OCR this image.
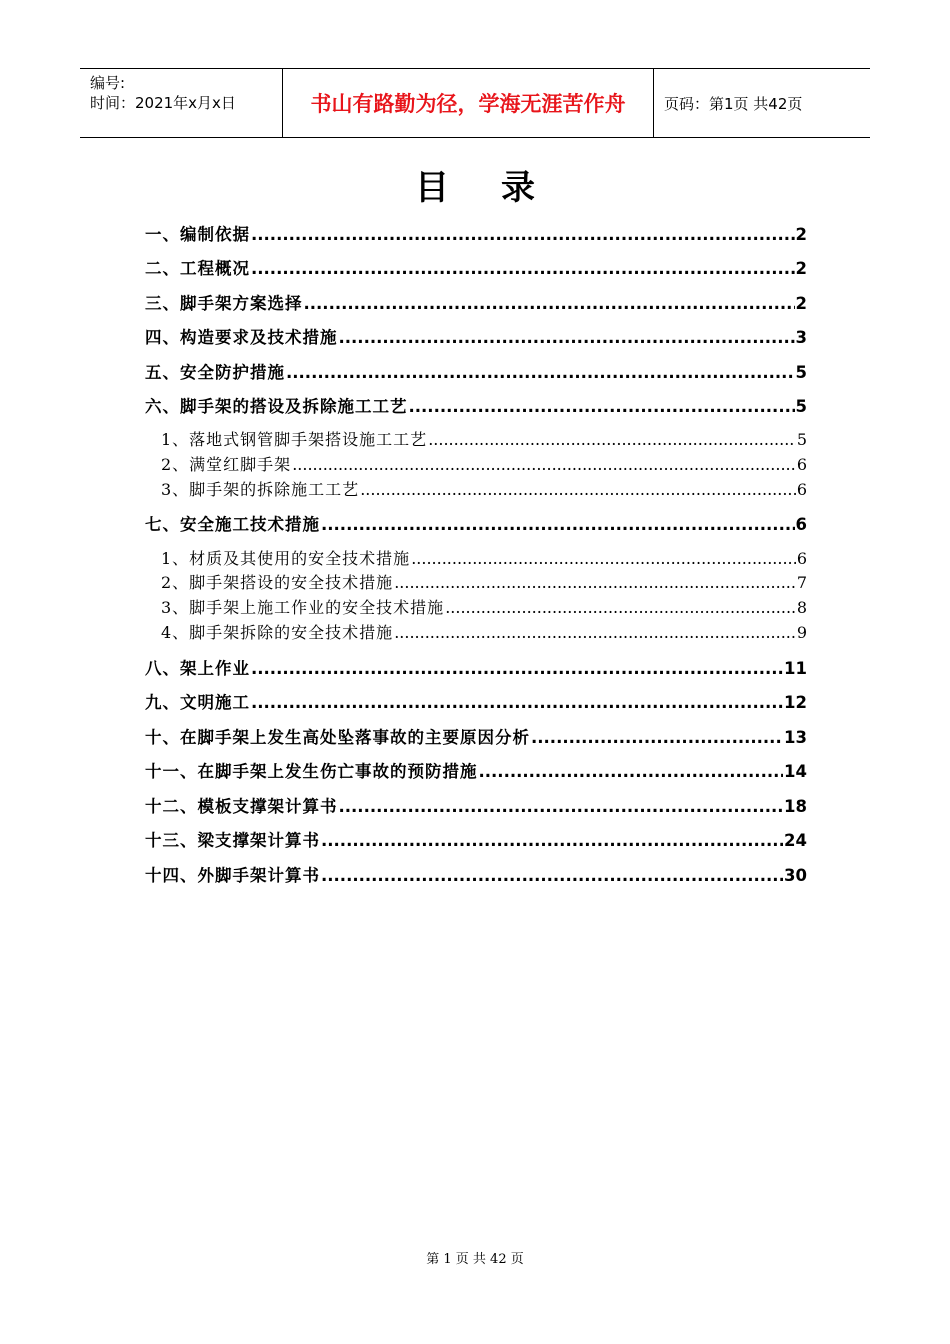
编号:
时间：2021年x月x日	书山有路勤为径，学海无涯苦作舟	页码：第1页 共42页
目 录
一、编制依据 .....	2
二、工程概况 .....	2
三、脚手架方案选择 .....	2
四、构造要求及技术措施 .....	3
五、安全防护措施 .....	5
六、脚手架的搭设及拆除施工工艺 .....	5
1、落地式钢管脚手架搭设施工工艺 .....	5
2、满堂红脚手架 .....	6
3、脚手架的拆除施工工艺 .....	6
七、安全施工技术措施 .....	6
1、材质及其使用的安全技术措施 .....	6
2、脚手架搭设的安全技术措施 .....	7
3、脚手架上施工作业的安全技术措施 .....	8
4、脚手架拆除的安全技术措施 .....	9
八、架上作业 .....	11
九、文明施工 .....	12
十、在脚手架上发生高处坠落事故的主要原因分析 .....	13
十一、在脚手架上发生伤亡事故的预防措施 .....	14
十二、模板支撑架计算书 .....	18
十三、梁支撑架计算书 .....	24
十四、外脚手架计算书 .....	30
第 1 页 共 42 页
